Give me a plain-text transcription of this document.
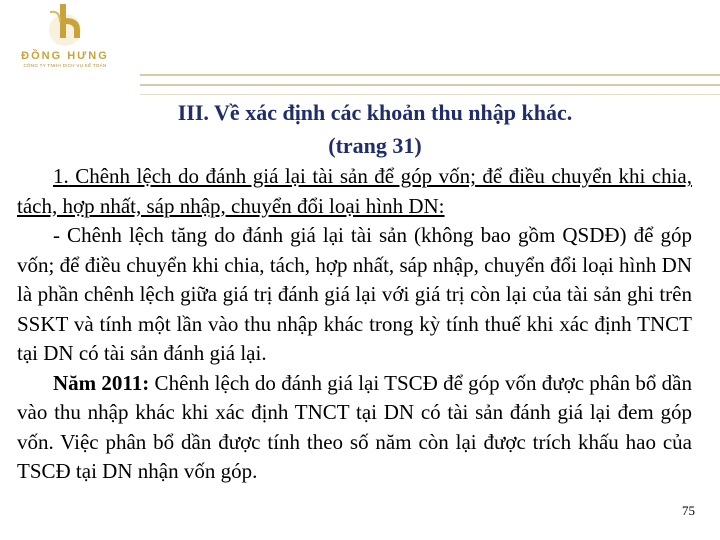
ĐỒNG HƯNG
CÔNG TY TNHH DỊCH VỤ KẾ TOÁN
III. Về xác định các khoản thu nhập khác.
(trang 31)

1. Chênh lệch do đánh giá lại tài sản để góp vốn; để điều chuyển khi chia, tách, hợp nhất, sáp nhập, chuyển đổi loại hình DN:

- Chênh lệch tăng do đánh giá lại tài sản (không bao gồm QSDĐ) để góp vốn; để điều chuyển khi chia, tách, hợp nhất, sáp nhập, chuyển đổi loại hình DN là phần chênh lệch giữa giá trị đánh giá lại với giá trị còn lại của tài sản ghi trên SSKT và tính một lần vào thu nhập khác trong kỳ tính thuế khi xác định TNCT tại DN có tài sản đánh giá lại.

Năm 2011: Chênh lệch do đánh giá lại TSCĐ để góp vốn được phân bổ dần vào thu nhập khác khi xác định TNCT tại DN có tài sản đánh giá lại đem góp vốn. Việc phân bổ dần được tính theo số năm còn lại được trích khấu hao của TSCĐ tại DN nhận vốn góp.

75
